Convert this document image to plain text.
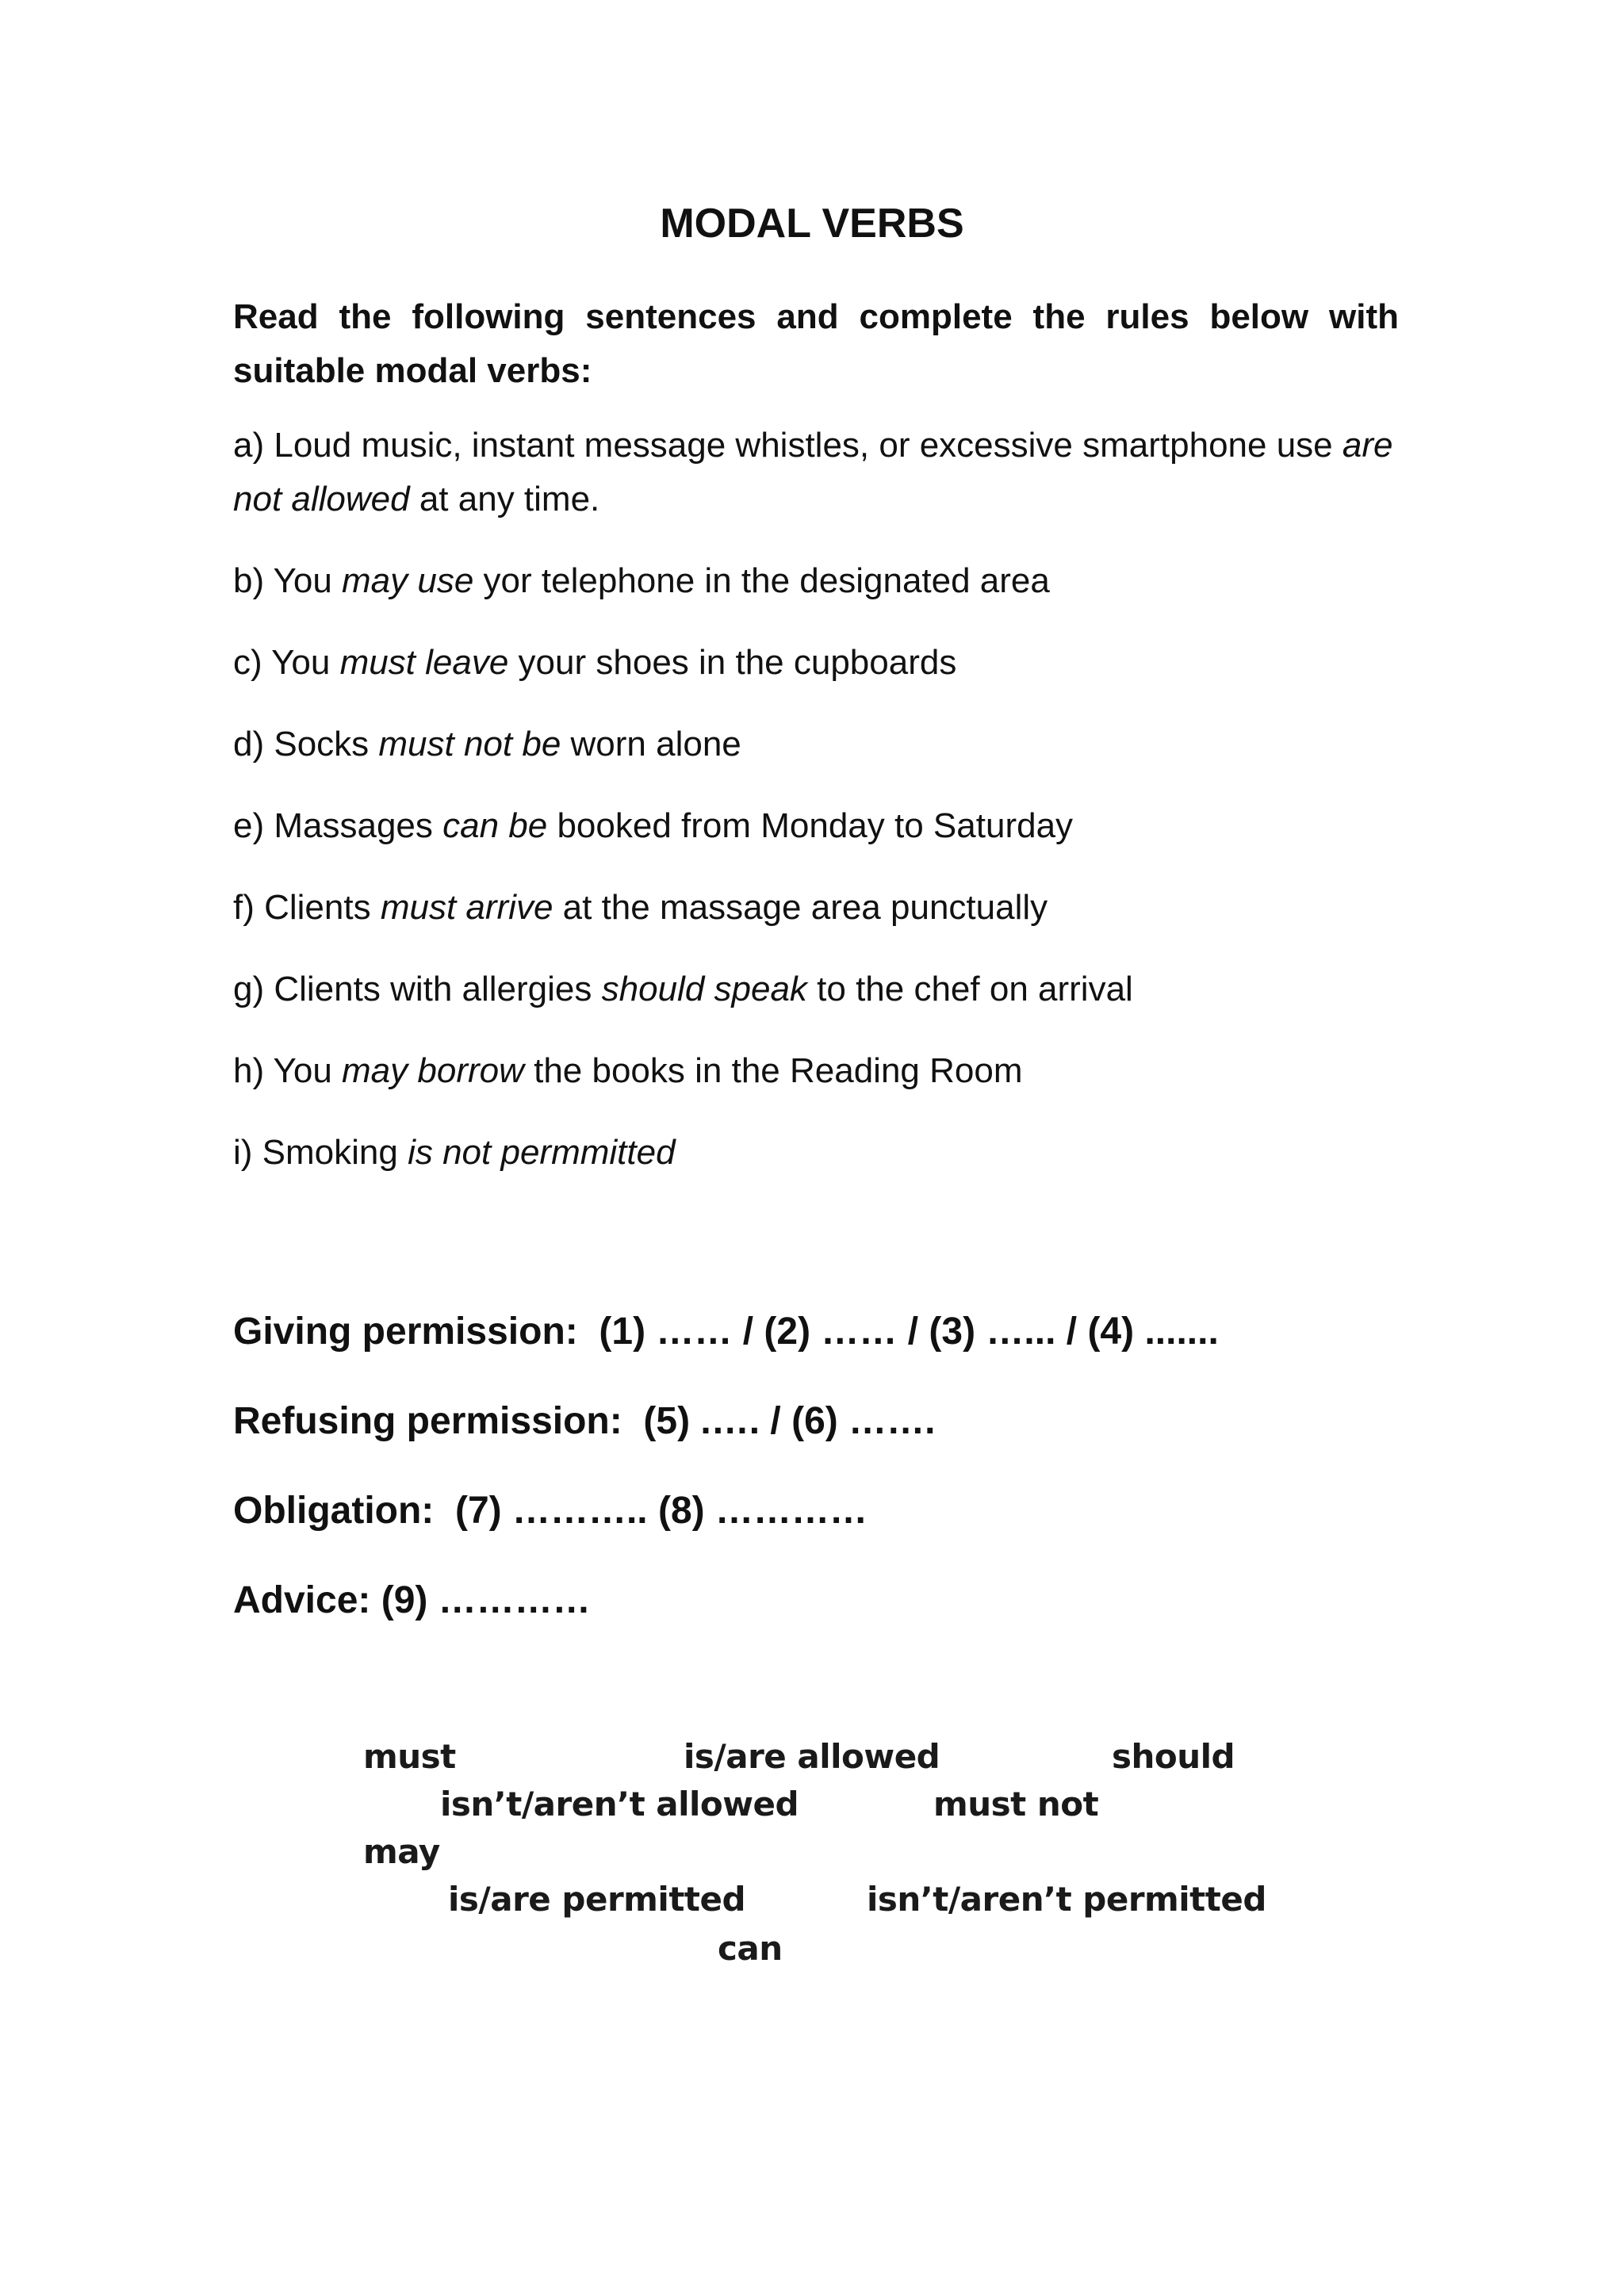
MODAL VERBS
Read the following sentences and complete the rules below with suitable modal verbs:

a) Loud music, instant message whistles, or excessive smartphone use are not allowed at any time.

b) You may use yor telephone in the designated area

c) You must leave your shoes in the cupboards

d) Socks must not be worn alone

e) Massages can be booked from Monday to Saturday

f) Clients must arrive at the massage area punctually

g) Clients with allergies should speak to the chef on arrival

h) You may borrow the books in the Reading Room

i) Smoking is not permmitted

Giving permission:  (1) …… / (2) …… / (3) …... / (4) .......
Refusing permission:  (5) .…. / (6) …….
Obligation:  (7) ……….. (8) …………
Advice: (9) …………
must	is/are allowed	should
isn’t/aren’t allowed	must not
may
is/are permitted	isn’t/aren’t permitted
can
